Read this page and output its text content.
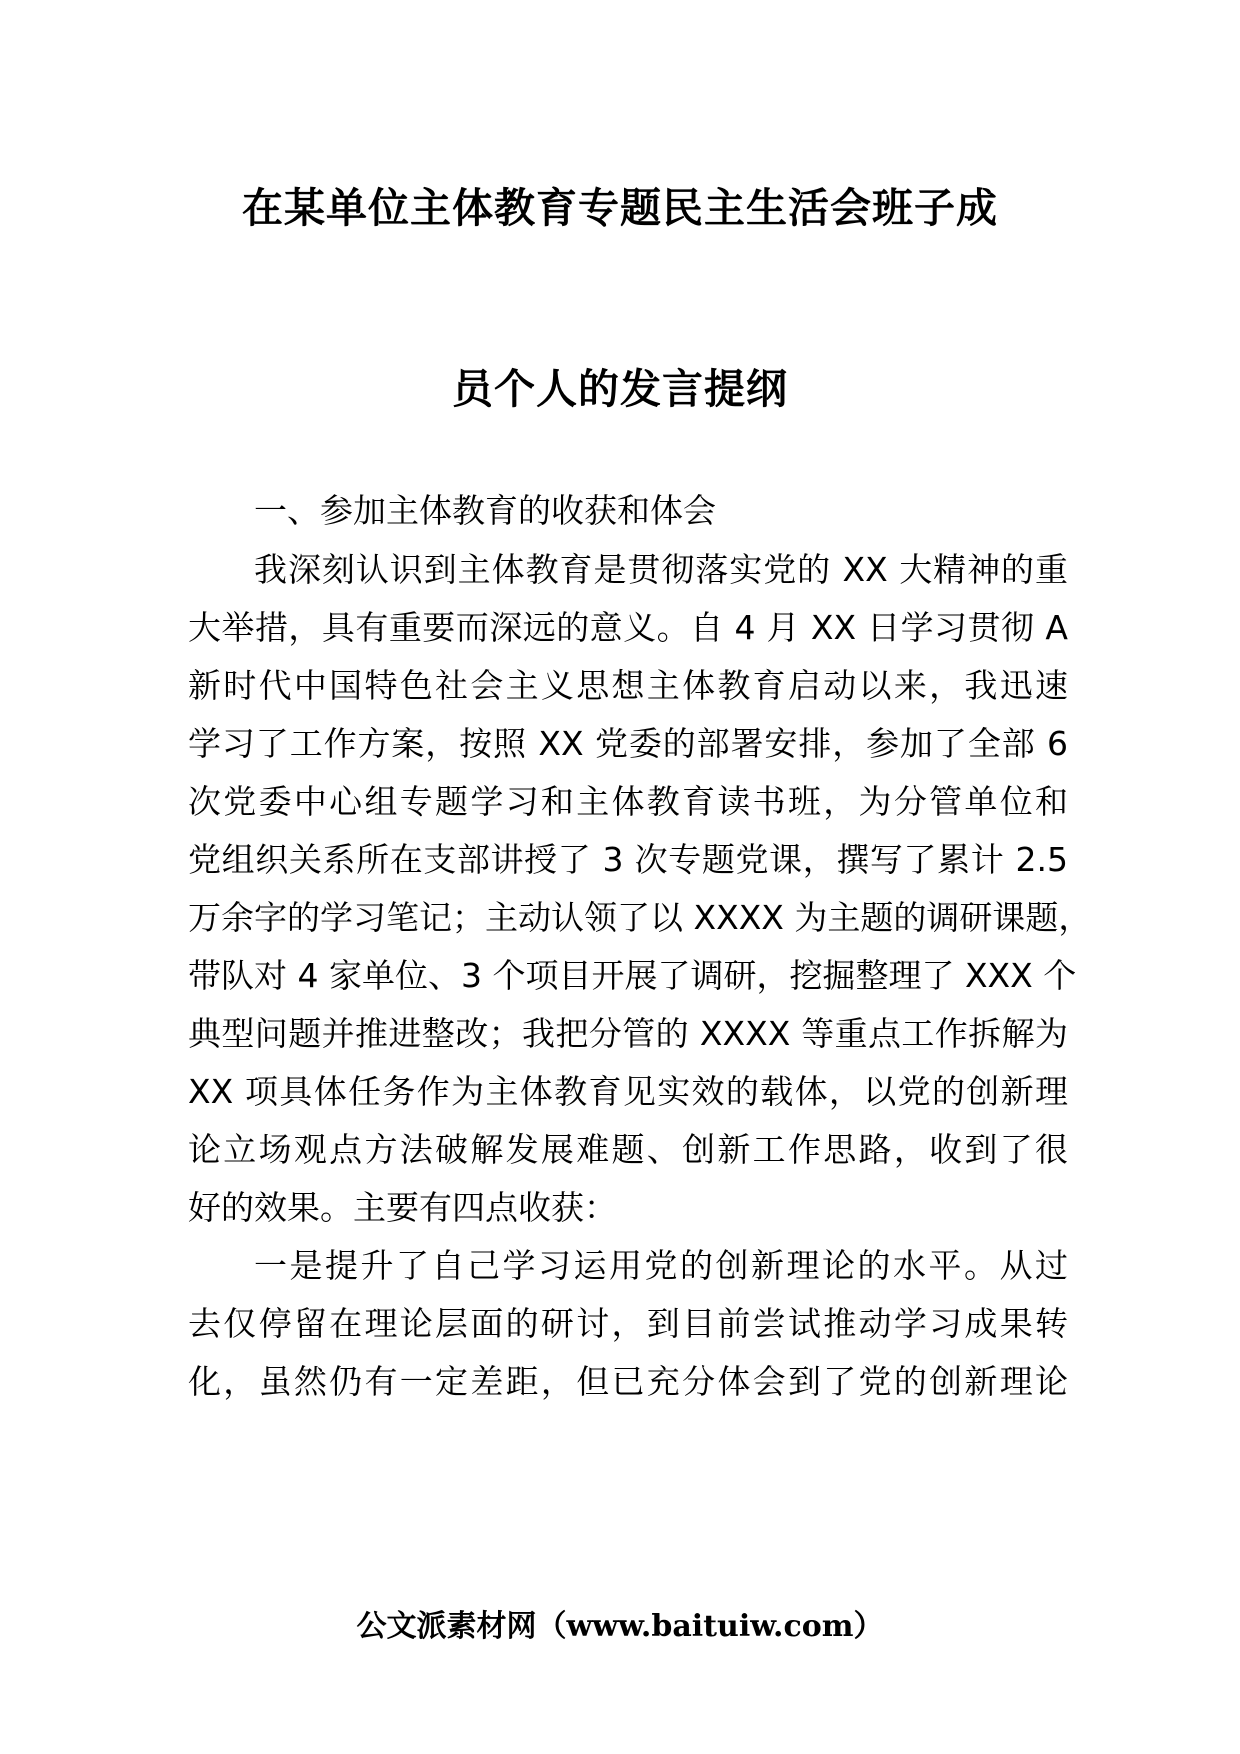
在某单位主体教育专题民主生活会班子成
员个人的发言提纲
一、参加主体教育的收获和体会
我深刻认识到主体教育是贯彻落实党的 XX 大精神的重
大举措，具有重要而深远的意义。自 4 月 XX 日学习贯彻 A
新时代中国特色社会主义思想主体教育启动以来，我迅速
学习了工作方案，按照 XX 党委的部署安排，参加了全部 6
次党委中心组专题学习和主体教育读书班，为分管单位和
党组织关系所在支部讲授了 3 次专题党课，撰写了累计 2.5
万余字的学习笔记；主动认领了以 XXXX 为主题的调研课题，
带队对 4 家单位、3 个项目开展了调研，挖掘整理了 XXX 个
典型问题并推进整改；我把分管的 XXXX 等重点工作拆解为
XX 项具体任务作为主体教育见实效的载体，以党的创新理
论立场观点方法破解发展难题、创新工作思路，收到了很
好的效果。主要有四点收获：
一是提升了自己学习运用党的创新理论的水平。从过
去仅停留在理论层面的研讨，到目前尝试推动学习成果转
化，虽然仍有一定差距，但已充分体会到了党的创新理论
公文派素材网（www.baituiw.com）
